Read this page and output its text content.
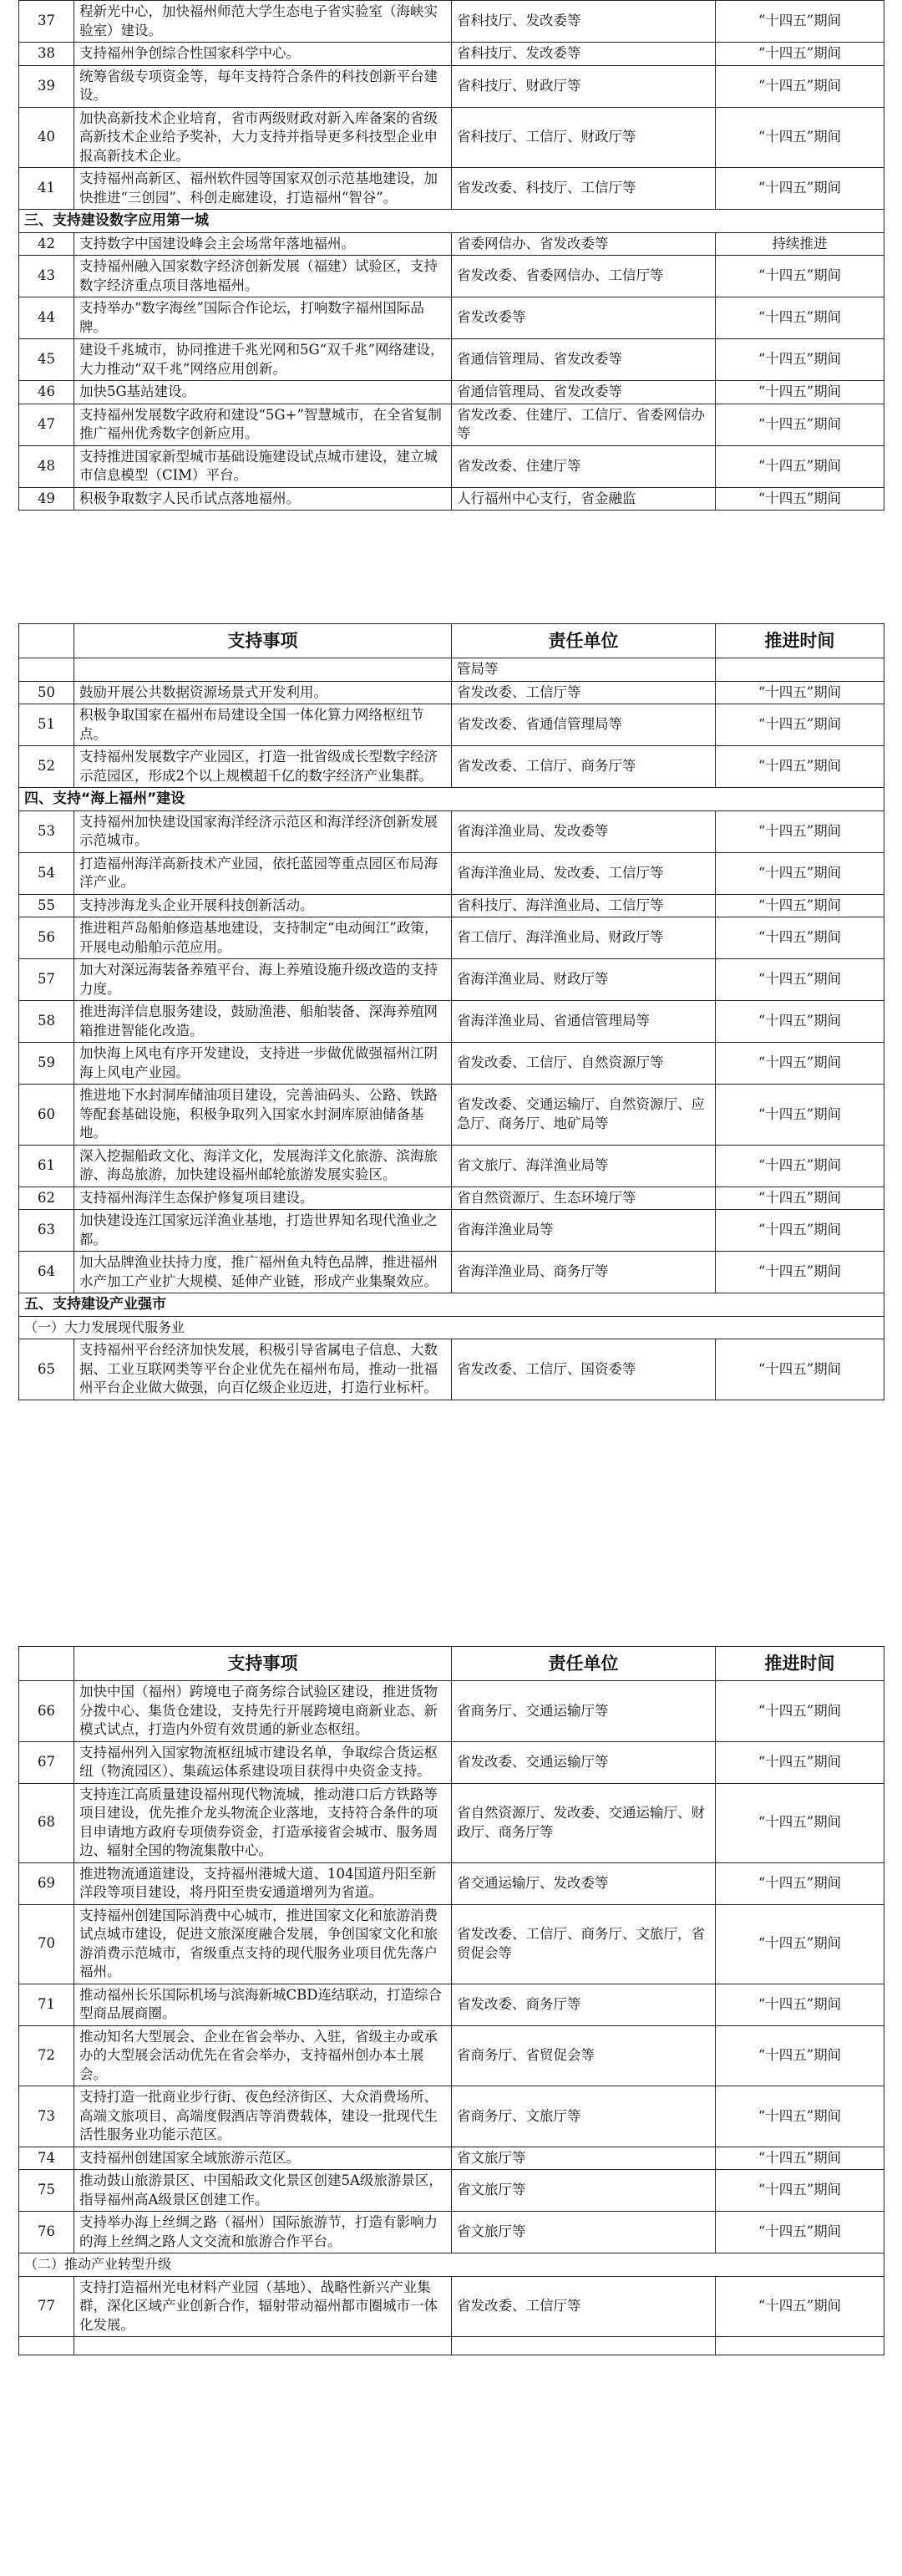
37	程新光中心，加快福州师范大学生态电子省实验室（海峡实验室）建设。	省科技厅、发改委等	“十四五”期间
38	支持福州争创综合性国家科学中心。	省科技厅、发改委等	“十四五”期间
39	统筹省级专项资金等，每年支持符合条件的科技创新平台建设。	省科技厅、财政厅等	“十四五”期间
40	加快高新技术企业培育，省市两级财政对新入库备案的省级高新技术企业给予奖补，大力支持并指导更多科技型企业申报高新技术企业。	省科技厅、工信厅、财政厅等	“十四五”期间
41	支持福州高新区、福州软件园等国家双创示范基地建设，加快推进“三创园”、科创走廊建设，打造福州“智谷”。	省发改委、科技厅、工信厅等	“十四五”期间
三、支持建设数字应用第一城			
42	支持数字中国建设峰会主会场常年落地福州。	省委网信办、省发改委等	持续推进
43	支持福州融入国家数字经济创新发展（福建）试验区，支持数字经济重点项目落地福州。	省发改委、省委网信办、工信厅等	“十四五”期间
44	支持举办“数字海丝”国际合作论坛，打响数字福州国际品牌。	省发改委等	“十四五”期间
45	建设千兆城市，协同推进千兆光网和5G“双千兆”网络建设，大力推动“双千兆”网络应用创新。	省通信管理局、省发改委等	“十四五”期间
46	加快5G基站建设。	省通信管理局、省发改委等	“十四五”期间
47	支持福州发展数字政府和建设“5G+”智慧城市，在全省复制推广福州优秀数字创新应用。	省发改委、住建厅、工信厅、省委网信办等	“十四五”期间
48	支持推进国家新型城市基础设施建设试点城市建设，建立城市信息模型（CIM）平台。	省发改委、住建厅等	“十四五”期间
49	积极争取数字人民币试点落地福州。	人行福州中心支行，省金融监	“十四五”期间
	支持事项	责任单位	推进时间
		管局等	
50	鼓励开展公共数据资源场景式开发利用。	省发改委、工信厅等	“十四五”期间
51	积极争取国家在福州布局建设全国一体化算力网络枢纽节点。	省发改委、省通信管理局等	“十四五”期间
52	支持福州发展数字产业园区，打造一批省级成长型数字经济示范园区，形成2个以上规模超千亿的数字经济产业集群。	省发改委、工信厅、商务厅等	“十四五”期间
四、支持“海上福州”建设			
53	支持福州加快建设国家海洋经济示范区和海洋经济创新发展示范城市。	省海洋渔业局、发改委等	“十四五”期间
54	打造福州海洋高新技术产业园，依托蓝园等重点园区布局海洋产业。	省海洋渔业局、发改委、工信厅等	“十四五”期间
55	支持涉海龙头企业开展科技创新活动。	省科技厅、海洋渔业局、工信厅等	“十四五”期间
56	推进粗芦岛船舶修造基地建设，支持制定“电动闽江”政策，开展电动船舶示范应用。	省工信厅、海洋渔业局、财政厅等	“十四五”期间
57	加大对深远海装备养殖平台、海上养殖设施升级改造的支持力度。	省海洋渔业局、财政厅等	“十四五”期间
58	推进海洋信息服务建设，鼓励渔港、船舶装备、深海养殖网箱推进智能化改造。	省海洋渔业局、省通信管理局等	“十四五”期间
59	加快海上风电有序开发建设，支持进一步做优做强福州江阴海上风电产业园。	省发改委、工信厅、自然资源厅等	“十四五”期间
60	推进地下水封洞库储油项目建设，完善油码头、公路、铁路等配套基础设施，积极争取列入国家水封洞库原油储备基地。	省发改委、交通运输厅、自然资源厅、应急厅、商务厅、地矿局等	“十四五”期间
61	深入挖掘船政文化、海洋文化，发展海洋文化旅游、滨海旅游、海岛旅游，加快建设福州邮轮旅游发展实验区。	省文旅厅、海洋渔业局等	“十四五”期间
62	支持福州海洋生态保护修复项目建设。	省自然资源厅、生态环境厅等	“十四五”期间
63	加快建设连江国家远洋渔业基地，打造世界知名现代渔业之都。	省海洋渔业局等	“十四五”期间
64	加大品牌渔业扶持力度，推广福州鱼丸特色品牌，推进福州水产加工产业扩大规模、延伸产业链，形成产业集聚效应。	省海洋渔业局、商务厅等	“十四五”期间
五、支持建设产业强市			
（一）大力发展现代服务业			
65	支持福州平台经济加快发展，积极引导省属电子信息、大数据、工业互联网类等平台企业优先在福州布局，推动一批福州平台企业做大做强，向百亿级企业迈进，打造行业标杆。	省发改委、工信厅、国资委等	“十四五”期间
	支持事项	责任单位	推进时间
66	加快中国（福州）跨境电子商务综合试验区建设，推进货物分拨中心、集货仓建设，支持先行开展跨境电商新业态、新模式试点，打造内外贸有效贯通的新业态枢纽。	省商务厅、交通运输厅等	“十四五”期间
67	支持福州列入国家物流枢纽城市建设名单，争取综合货运枢纽（物流园区）、集疏运体系建设项目获得中央资金支持。	省发改委、交通运输厅等	“十四五”期间
68	支持连江高质量建设福州现代物流城，推动港口后方铁路等项目建设，优先推介龙头物流企业落地，支持符合条件的项目申请地方政府专项债券资金，打造承接省会城市、服务周边、辐射全国的物流集散中心。	省自然资源厅、发改委、交通运输厅、财政厅、商务厅等	“十四五”期间
69	推进物流通道建设，支持福州港城大道、104国道丹阳至新洋段等项目建设，将丹阳至贵安通道增列为省道。	省交通运输厅、发改委等	“十四五”期间
70	支持福州创建国际消费中心城市，推进国家文化和旅游消费试点城市建设，促进文旅深度融合发展，争创国家文化和旅游消费示范城市，省级重点支持的现代服务业项目优先落户福州。	省发改委、工信厅、商务厅、文旅厅，省贸促会等	“十四五”期间
71	推动福州长乐国际机场与滨海新城CBD连结联动，打造综合型商品展商圈。	省发改委、商务厅等	“十四五”期间
72	推动知名大型展会、企业在省会举办、入驻，省级主办或承办的大型展会活动优先在省会举办，支持福州创办本土展会。	省商务厅、省贸促会等	“十四五”期间
73	支持打造一批商业步行街、夜色经济街区、大众消费场所、高端文旅项目、高端度假酒店等消费载体，建设一批现代生活性服务业功能示范区。	省商务厅、文旅厅等	“十四五”期间
74	支持福州创建国家全域旅游示范区。	省文旅厅等	“十四五”期间
75	推动鼓山旅游景区、中国船政文化景区创建5A级旅游景区，指导福州高A级景区创建工作。	省文旅厅等	“十四五”期间
76	支持举办海上丝绸之路（福州）国际旅游节，打造有影响力的海上丝绸之路人文交流和旅游合作平台。	省文旅厅等	“十四五”期间
（二）推动产业转型升级			
77	支持打造福州光电材料产业园（基地）、战略性新兴产业集群，深化区域产业创新合作，辐射带动福州都市圈城市一体化发展。	省发改委、工信厅等	“十四五”期间
